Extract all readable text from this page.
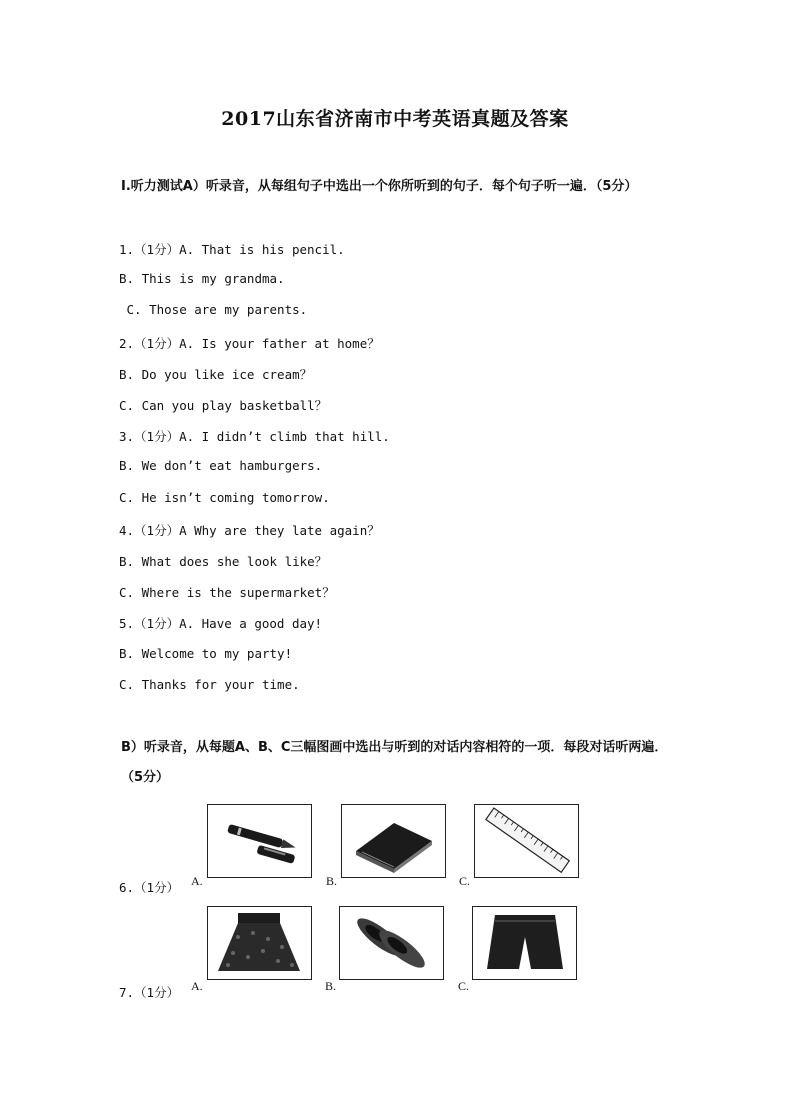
2017山东省济南市中考英语真题及答案
Ⅰ.听力测试A）听录音，从每组句子中选出一个你所听到的句子．每个句子听一遍．（5分）
1.（1分）A. That is his pencil.
B. This is my grandma.
C. Those are my parents.
2.（1分）A. Is your father at home？
B. Do you like ice cream？
C. Can you play basketball？
3.（1分）A. I didn’t climb that hill.
B. We don’t eat hamburgers.
C. He isn’t coming tomorrow.
4.（1分）A Why are they late again？
B. What does she look like？
C. Where is the supermarket？
5.（1分）A. Have a good day!
B. Welcome to my party!
C. Thanks for your time.
B）听录音，从每题A、B、C三幅图画中选出与听到的对话内容相符的一项．每段对话听两遍．（5分）
6.（1分） A.	B.	C.
7.（1分） A.	B.	C.
